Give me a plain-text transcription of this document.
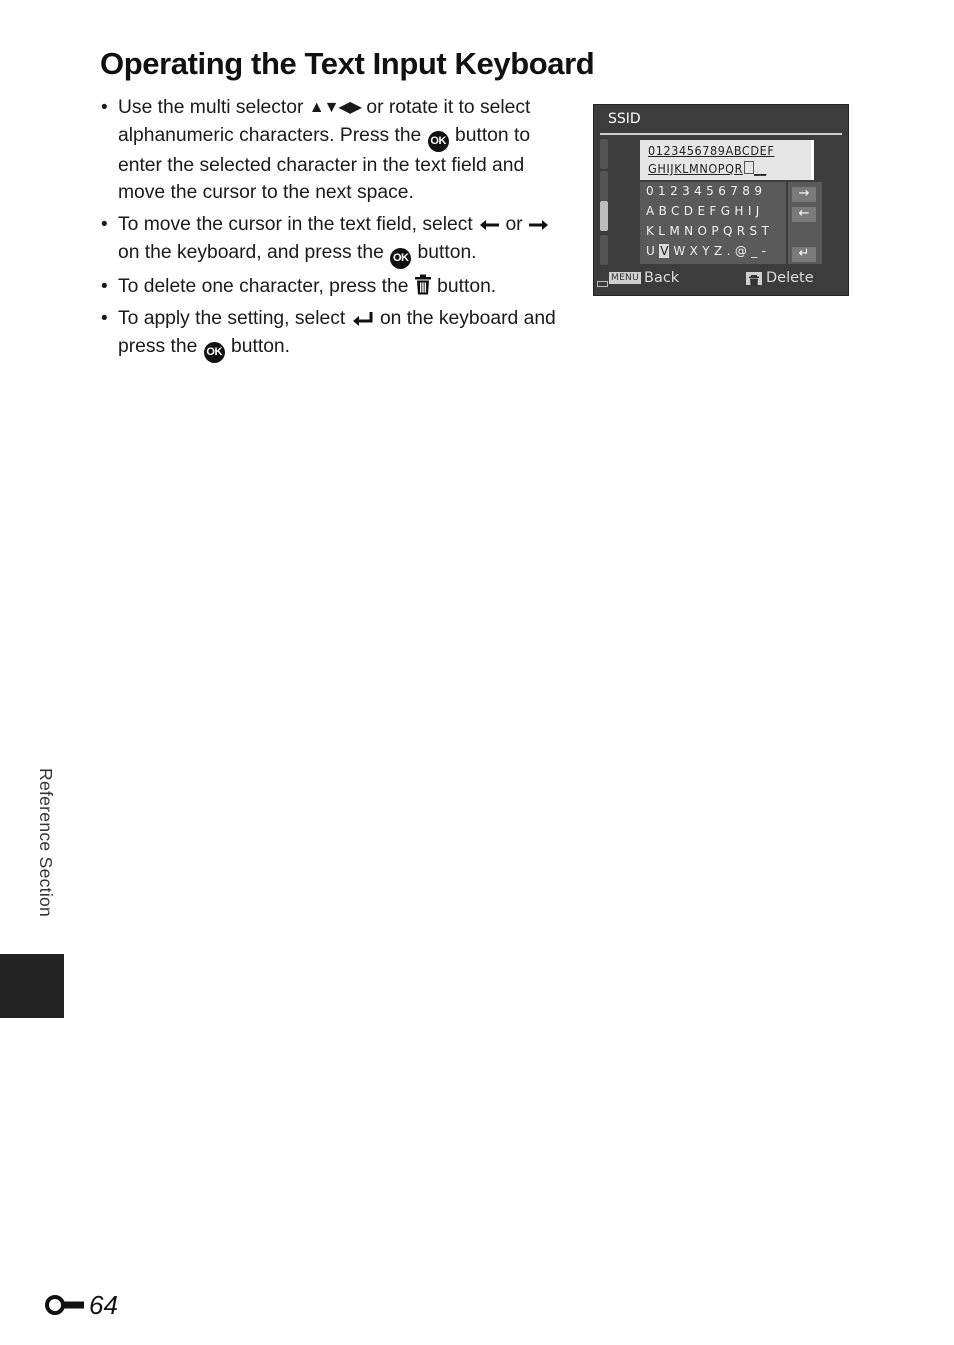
Operating the Text Input Keyboard
• Use the multi selector ▲▼◀▶ or rotate it to select alphanumeric characters. Press the OK button to enter the selected character in the text field and move the cursor to the next space.
• To move the cursor in the text field, select  or  on the keyboard, and press the OK button.
• To delete one character, press the  button.
• To apply the setting, select  on the keyboard and press the OK button.
SSID
0123456789ABCDEF
GHIJKLMNOPQR __
0123456789
ABCDEFGHIJ
KLMNOPQRST
UV WXYZ.@_-
→
←
↵
MENU Back	Delete
Reference Section
64
